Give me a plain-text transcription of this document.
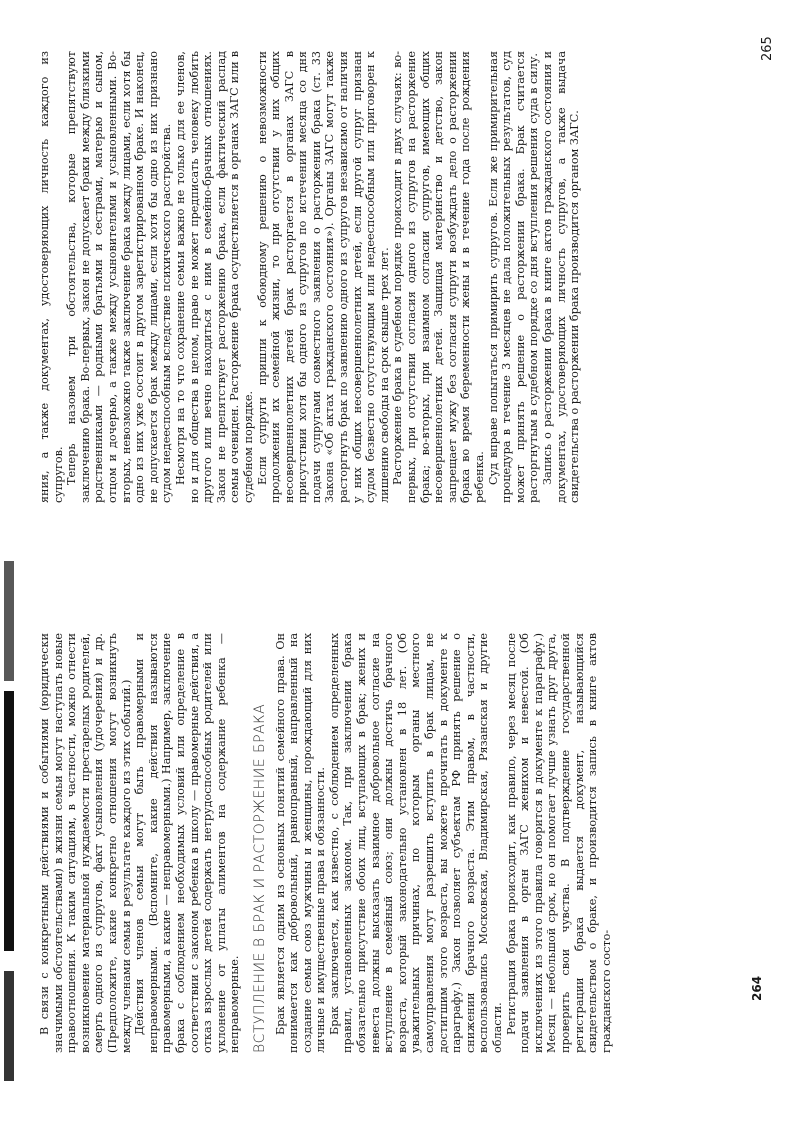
В связи с конкретными действиями и событиями (юридически значимыми обстоятельствами) в жизни семьи могут наступать новые правоотношения. К таким ситуациям, в частности, можно отнести возникновение материальной нуждаемости престарелых родителей, смерть одного из супругов, факт усыновления (удочерения) и др. (Предположите, какие конкретно отношения могут возникнуть между членами семьи в результате каждого из этих событий.) Действия членов семьи могут быть правомерными и неправомерными. (Вспомните, какие действия называются правомерными, а какие — неправомерными.) Например, заключение брака с соблюдением необходимых условий или определение в соответствии с законом ребенка в школу — правомерные действия, а отказ взрослых детей содержать нетрудоспособных родителей или уклонение от уплаты алиментов на содержание ребенка — неправомерные. ВСТУПЛЕНИЕ В БРАК И РАСТОРЖЕНИЕ БРАКА Брак является одним из основных понятий семейного права. Он понимается как добровольный, равноправный, направленный на создание семьи союз мужчины и женщины, порождающий для них личные и имущественные права и обязанности. Брак заключается, как известно, с соблюдением определенных правил, установленных законом. Так, при заключении брака обязательно присутствие обоих лиц, вступающих в брак; жених и невеста должны высказать взаимное добровольное согласие на вступление в семейный союз; они должны достичь брачного возраста, который законодательно установлен в 18 лет. (Об уважительных причинах, по которым органы местного самоуправления могут разрешить вступить в брак лицам, не достигшим этого возраста, вы можете прочитать в документе к параграфу.) Закон позволяет субъектам РФ принять решение о снижении брачного возраста. Этим правом, в частности, воспользовались Московская, Владимирская, Рязанская и другие области. Регистрация брака происходит, как правило, через месяц после подачи заявления в орган ЗАГС женихом и невестой. (Об исключениях из этого правила говорится в документе к параграфу.) Месяц — небольшой срок, но он помогает лучше узнать друг друга, проверить свои чувства. В подтверждение государственной регистрации брака выдается документ, называющийся свидетельством о браке, и производится запись в книге актов гражданского состо-	264

яния, а также документах, удостоверяющих личность каждого из супругов. Теперь назовем три обстоятельства, которые препятствуют заключению брака. Во-первых, закон не допускает браки между близкими родственниками — родными братьями и сестрами, матерью и сыном, отцом и дочерью, а также между усыновителями и усыновленными. Во-вторых, невозможно также заключение брака между лицами, если хотя бы одно из них уже состоит в другом зарегистрированном браке. И наконец, не допускается брак между лицами, если хотя бы одно из них признано судом недееспособным вследствие психического расстройства. Несмотря на то что сохранение семьи важно не только для ее членов, но и для общества в целом, право не может предписать человеку любить другого или вечно находиться с ним в семейно-брачных отношениях. Закон не препятствует расторжению брака, если фактический распад семьи очевиден. Расторжение брака осуществляется в органах ЗАГС или в судебном порядке. Если супруги пришли к обоюдному решению о невозможности продолжения их семейной жизни, то при отсутствии у них общих несовершеннолетних детей брак расторгается в органах ЗАГС в присутствии хотя бы одного из супругов по истечении месяца со дня подачи супругами совместного заявления о расторжении брака (ст. 33 Закона «Об актах гражданского состояния»). Органы ЗАГС могут также расторгнуть брак по заявлению одного из супругов независимо от наличия у них общих несовершеннолетних детей, если другой супруг признан судом безвестно отсутствующим или недееспособным или приговорен к лишению свободы на срок свыше трех лет. Расторжение брака в судебном порядке происходит в двух случаях: во-первых, при отсутствии согласия одного из супругов на расторжение брака; во-вторых, при взаимном согласии супругов, имеющих общих несовершеннолетних детей. Защищая материнство и детство, закон запрещает мужу без согласия супруги возбуждать дело о расторжении брака во время беременности жены и в течение года после рождения ребенка. Суд вправе попытаться примирить супругов. Если же примирительная процедура в течение 3 месяцев не дала положительных результатов, суд может принять решение о расторжении брака. Брак считается расторгнутым в судебном порядке со дня вступления решения суда в силу. Запись о расторжении брака в книге актов гражданского состояния и документах, удостоверяющих личность супругов, а также выдача свидетельства о расторжении брака производится органом ЗАГС.

265
